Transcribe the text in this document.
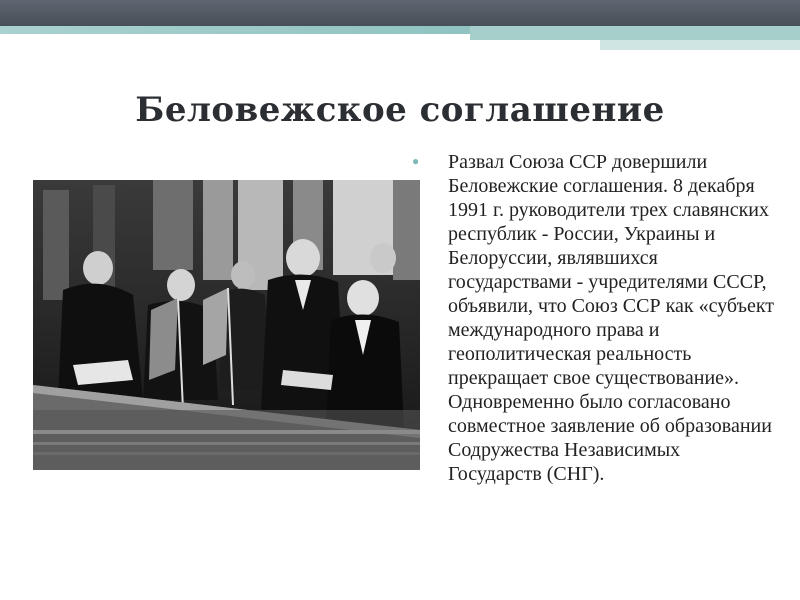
Беловежское соглашение
●	Развал Союза ССР довершили Беловежские соглашения. 8 декабря 1991 г. руководители трех славянских республик - России, Украины и Белоруссии, являвшихся государствами - учредителями СССР, объявили, что Союз ССР как «субъект международного права и геополитическая реальность прекращает свое существование». Одновременно было согласовано совместное заявление об образовании Содружества Независимых Государств (СНГ).
